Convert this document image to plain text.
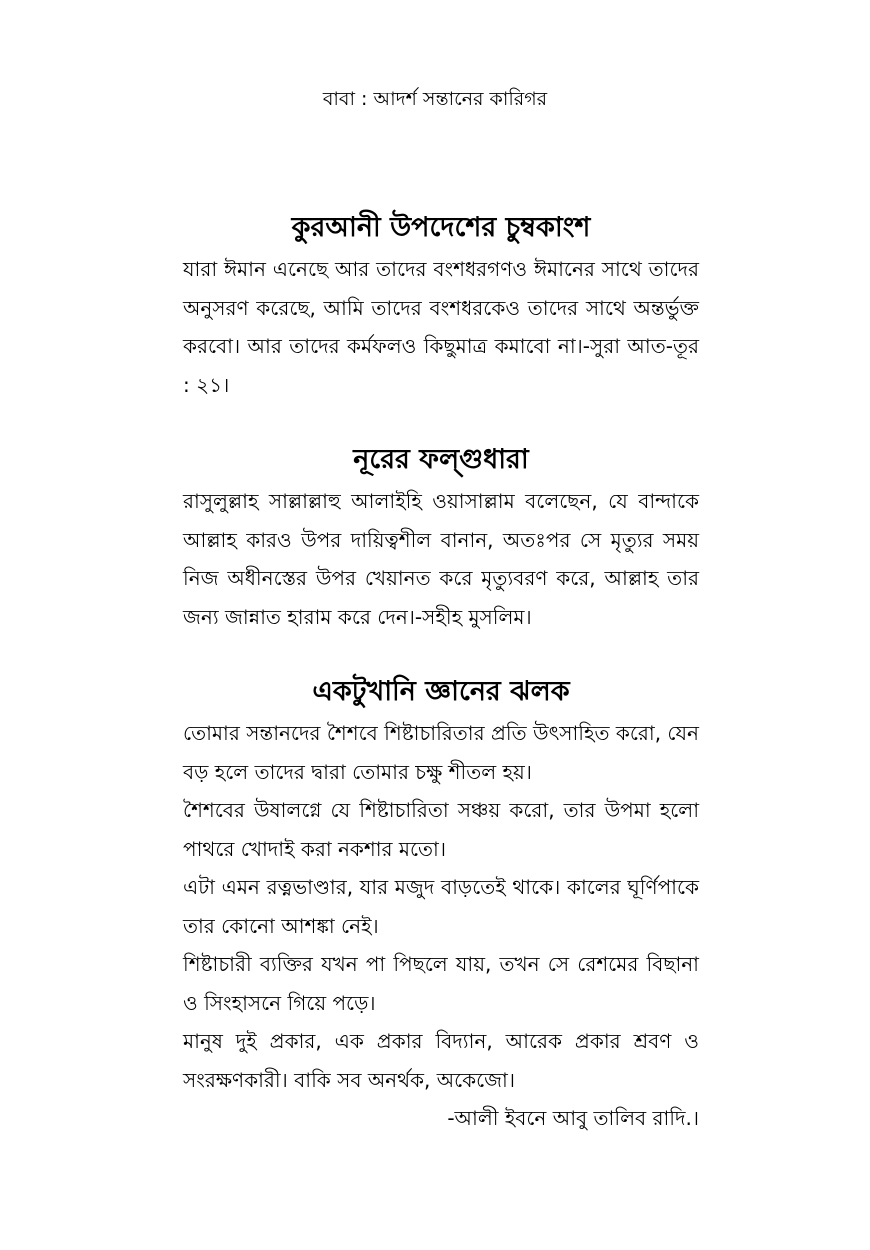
বাবা : আদর্শ সন্তানের কারিগর
কুরআনী উপদেশের চুম্বকাংশ

যারা ঈমান এনেছে আর তাদের বংশধরগণও ঈমানের সাথে তাদের অনুসরণ করেছে, আমি তাদের বংশধরকেও তাদের সাথে অন্তর্ভুক্ত করবো। আর তাদের কর্মফলও কিছুমাত্র কমাবো না।-সুরা আত-তূর : ২১।

নূরের ফল্গুধারা

রাসুলুল্লাহ সাল্লাল্লাহু আলাইহি ওয়াসাল্লাম বলেছেন, যে বান্দাকে আল্লাহ কারও উপর দায়িত্বশীল বানান, অতঃপর সে মৃত্যুর সময় নিজ অধীনস্তের উপর খেয়ানত করে মৃত্যুবরণ করে, আল্লাহ তার জন্য জান্নাত হারাম করে দেন।-সহীহ মুসলিম।

একটুখানি জ্ঞানের ঝলক

তোমার সন্তানদের শৈশবে শিষ্টাচারিতার প্রতি উৎসাহিত করো, যেন বড় হলে তাদের দ্বারা তোমার চক্ষু শীতল হয়।

শৈশবের উষালগ্নে যে শিষ্টাচারিতা সঞ্চয় করো, তার উপমা হলো পাথরে খোদাই করা নকশার মতো।

এটা এমন রত্নভাণ্ডার, যার মজুদ বাড়তেই থাকে। কালের ঘূর্ণিপাকে তার কোনো আশঙ্কা নেই।

শিষ্টাচারী ব্যক্তির যখন পা পিছলে যায়, তখন সে রেশমের বিছানা ও সিংহাসনে গিয়ে পড়ে।

মানুষ দুই প্রকার, এক প্রকার বিদ্যান, আরেক প্রকার শ্রবণ ও সংরক্ষণকারী। বাকি সব অনর্থক, অকেজো।

-আলী ইবনে আবু তালিব রাদি.।
